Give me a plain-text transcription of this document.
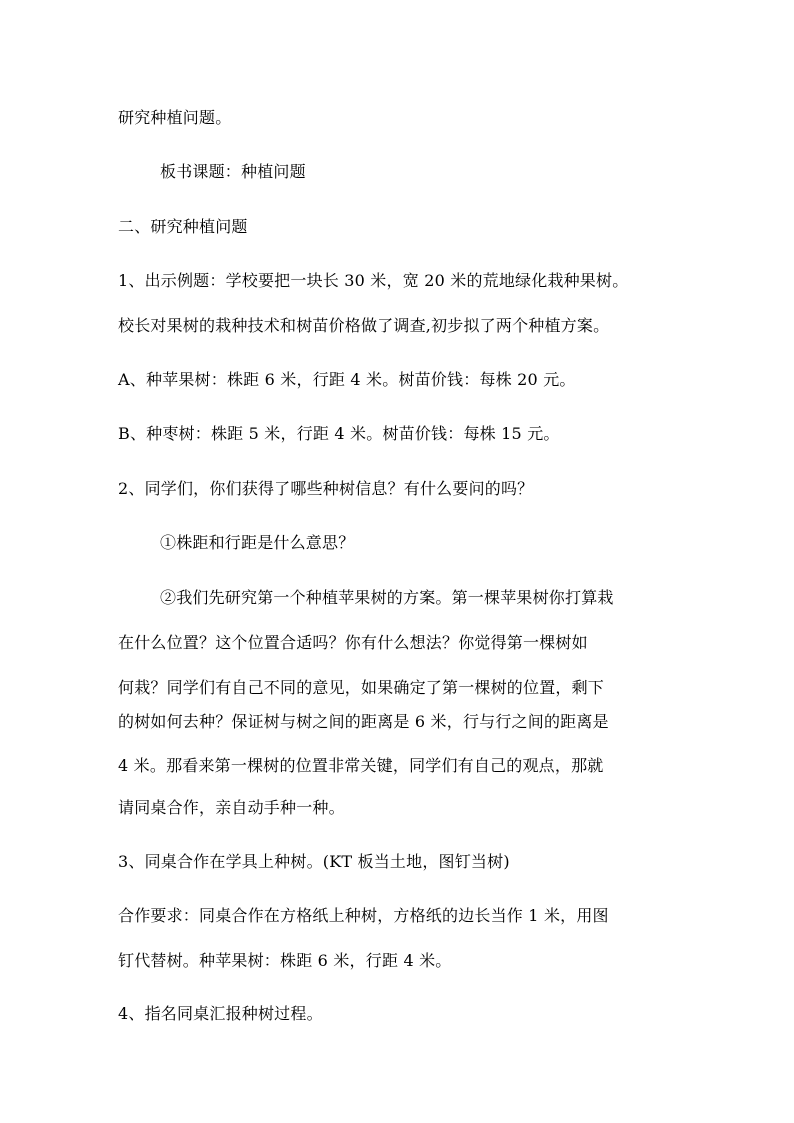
研究种植问题。
板书课题：种植问题
二、研究种植问题
1、出示例题：学校要把一块长 30 米，宽 20 米的荒地绿化栽种果树。
校长对果树的栽种技术和树苗价格做了调查,初步拟了两个种植方案。
A、种苹果树：株距 6 米，行距 4 米。树苗价钱：每株 20 元。
B、种枣树：株距 5 米，行距 4 米。树苗价钱：每株 15 元。
2、同学们，你们获得了哪些种树信息？有什么要问的吗？
①株距和行距是什么意思？
②我们先研究第一个种植苹果树的方案。第一棵苹果树你打算栽
在什么位置？这个位置合适吗？你有什么想法？你觉得第一棵树如
何栽？同学们有自己不同的意见，如果确定了第一棵树的位置，剩下
的树如何去种？保证树与树之间的距离是 6 米，行与行之间的距离是
4 米。那看来第一棵树的位置非常关键，同学们有自己的观点，那就
请同桌合作，亲自动手种一种。
3、同桌合作在学具上种树。(KT 板当土地，图钉当树)
合作要求：同桌合作在方格纸上种树，方格纸的边长当作 1 米，用图
钉代替树。种苹果树：株距 6 米，行距 4 米。
4、指名同桌汇报种树过程。
